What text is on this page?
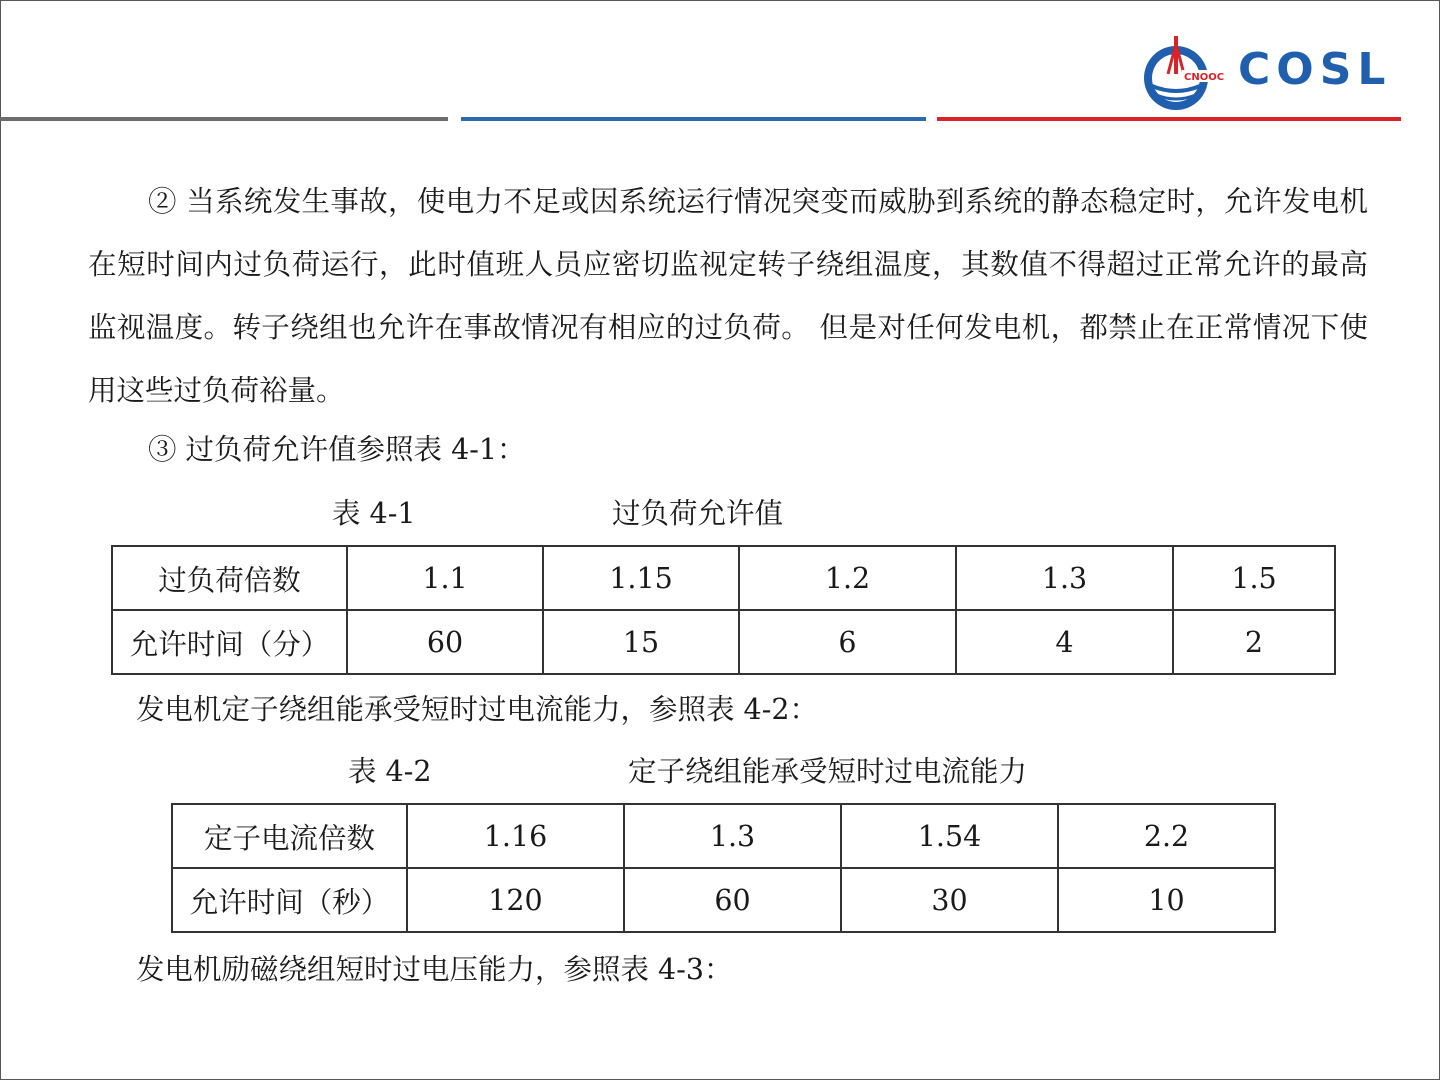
CNOOC COSL
② 当系统发生事故，使电力不足或因系统运行情况突变而威胁到系统的静态稳定时，允许发电机在短时间内过负荷运行，此时值班人员应密切监视定转子绕组温度，其数值不得超过正常允许的最高监视温度。转子绕组也允许在事故情况有相应的过负荷。 但是对任何发电机，都禁止在正常情况下使用这些过负荷裕量。
③ 过负荷允许值参照表 4-1：
表 4-1	过负荷允许值
过负荷倍数	1.1	1.15	1.2	1.3	1.5
允许时间（分）	60	15	6	4	2
发电机定子绕组能承受短时过电流能力，参照表 4-2：
表 4-2	定子绕组能承受短时过电流能力
定子电流倍数	1.16	1.3	1.54	2.2
允许时间（秒）	120	60	30	10
发电机励磁绕组短时过电压能力，参照表 4-3：
